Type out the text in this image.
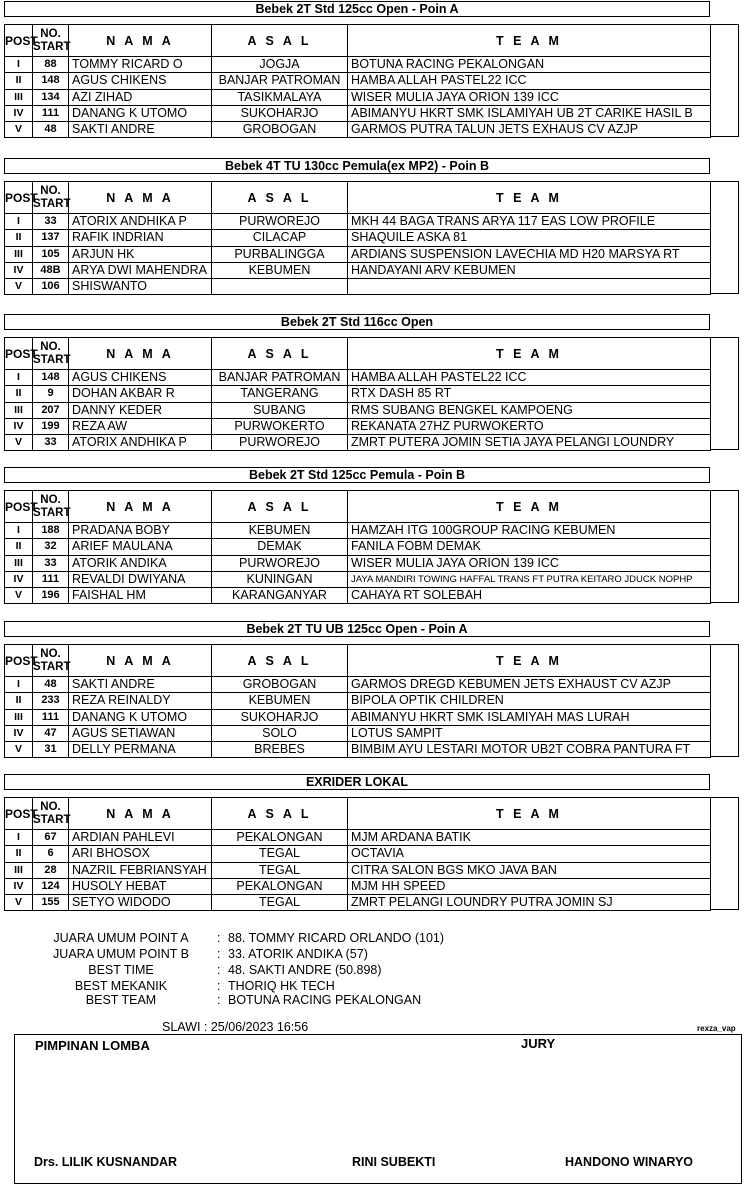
Bebek 2T Std 125cc Open - Poin A
POST	NO. START	N A M A	A S A L	T E A M
I	88	TOMMY RICARD O	JOGJA	BOTUNA RACING PEKALONGAN
II	148	AGUS CHIKENS	BANJAR PATROMAN	HAMBA ALLAH PASTEL22 ICC
III	134	AZI ZIHAD	TASIKMALAYA	WISER MULIA JAYA ORION 139 ICC
IV	111	DANANG K UTOMO	SUKOHARJO	ABIMANYU HKRT SMK ISLAMIYAH UB 2T CARIKE HASIL B
V	48	SAKTI ANDRE	GROBOGAN	GARMOS PUTRA TALUN JETS EXHAUS CV AZJP
Bebek 4T TU 130cc Pemula(ex MP2) - Poin B
POST	NO. START	N A M A	A S A L	T E A M
I	33	ATORIX ANDHIKA P	PURWOREJO	MKH 44 BAGA TRANS ARYA 117 EAS LOW PROFILE
II	137	RAFIK INDRIAN	CILACAP	SHAQUILE ASKA 81
III	105	ARJUN HK	PURBALINGGA	ARDIANS SUSPENSION LAVECHIA MD H20 MARSYA RT
IV	48B	ARYA DWI MAHENDRA	KEBUMEN	HANDAYANI ARV KEBUMEN
V	106	SHISWANTO		
Bebek 2T Std 116cc Open
POST	NO. START	N A M A	A S A L	T E A M
I	148	AGUS CHIKENS	BANJAR PATROMAN	HAMBA ALLAH PASTEL22 ICC
II	9	DOHAN AKBAR R	TANGERANG	RTX DASH 85 RT
III	207	DANNY KEDER	SUBANG	RMS SUBANG BENGKEL KAMPOENG
IV	199	REZA AW	PURWOKERTO	REKANATA 27HZ PURWOKERTO
V	33	ATORIX ANDHIKA P	PURWOREJO	ZMRT PUTERA JOMIN SETIA JAYA PELANGI LOUNDRY
Bebek 2T Std 125cc Pemula - Poin B
POST	NO. START	N A M A	A S A L	T E A M
I	188	PRADANA BOBY	KEBUMEN	HAMZAH ITG 100GROUP RACING KEBUMEN
II	32	ARIEF MAULANA	DEMAK	FANILA FOBM DEMAK
III	33	ATORIK ANDIKA	PURWOREJO	WISER MULIA JAYA ORION 139 ICC
IV	111	REVALDI DWIYANA	KUNINGAN	JAYA MANDIRI TOWING HAFFAL TRANS FT PUTRA KEITARO JDUCK NOPHP
V	196	FAISHAL HM	KARANGANYAR	CAHAYA RT SOLEBAH
Bebek 2T TU UB 125cc Open - Poin A
POST	NO. START	N A M A	A S A L	T E A M
I	48	SAKTI ANDRE	GROBOGAN	GARMOS DREGD KEBUMEN JETS EXHAUST CV AZJP
II	233	REZA REINALDY	KEBUMEN	BIPOLA OPTIK CHILDREN
III	111	DANANG K UTOMO	SUKOHARJO	ABIMANYU HKRT SMK ISLAMIYAH MAS LURAH
IV	47	AGUS SETIAWAN	SOLO	LOTUS SAMPIT
V	31	DELLY PERMANA	BREBES	BIMBIM AYU LESTARI MOTOR UB2T COBRA PANTURA FT
EXRIDER LOKAL
POST	NO. START	N A M A	A S A L	T E A M
I	67	ARDIAN PAHLEVI	PEKALONGAN	MJM ARDANA BATIK
II	6	ARI BHOSOX	TEGAL	OCTAVIA
III	28	NAZRIL FEBRIANSYAH	TEGAL	CITRA SALON BGS MKO JAVA BAN
IV	124	HUSOLY HEBAT	PEKALONGAN	MJM HH SPEED
V	155	SETYO WIDODO	TEGAL	ZMRT PELANGI LOUNDRY PUTRA JOMIN SJ
JUARA UMUM POINT A	: 88. TOMMY RICARD ORLANDO (101)
JUARA UMUM POINT B	: 33. ATORIK ANDIKA (57)
BEST TIME	: 48. SAKTI ANDRE (50.898)
BEST MEKANIK	: THORIQ HK TECH
BEST TEAM	: BOTUNA RACING PEKALONGAN
SLAWI : 25/06/2023 16:56	rexza_vap
PIMPINAN LOMBA	JURY
Drs. LILIK KUSNANDAR	RINI SUBEKTI	HANDONO WINARYO
